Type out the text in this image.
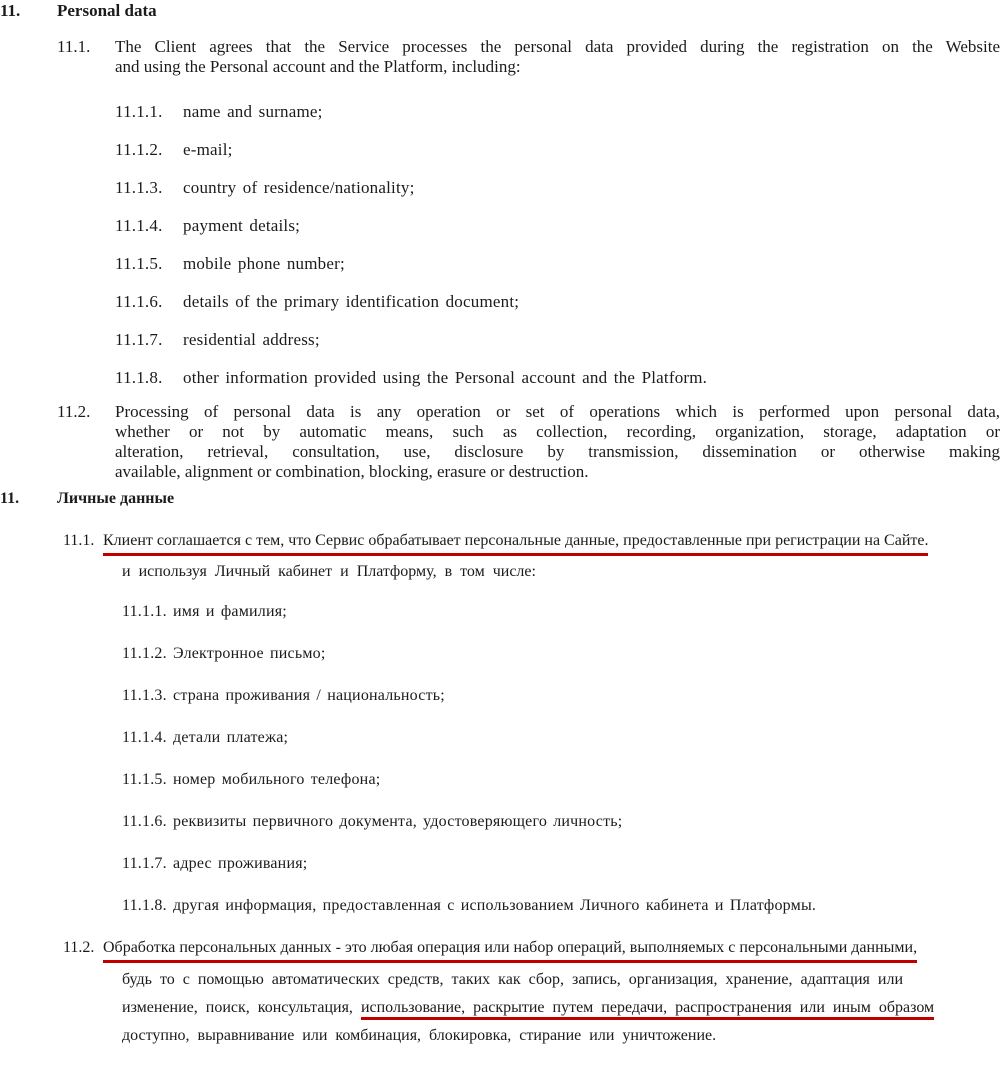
11.	Personal data
11.1.	The Client agrees that the Service processes the personal data provided during the registration on the Website
and using the Personal account and the Platform, including:
11.1.1.	name and surname;
11.1.2.	e-mail;
11.1.3.	country of residence/nationality;
11.1.4.	payment details;
11.1.5.	mobile phone number;
11.1.6.	details of the primary identification document;
11.1.7.	residential address;
11.1.8.	other information provided using the Personal account and the Platform.
11.2.	Processing of personal data is any operation or set of operations which is performed upon personal data,
whether or not by automatic means, such as collection, recording, organization, storage, adaptation or
alteration, retrieval, consultation, use, disclosure by transmission, dissemination or otherwise making
available, alignment or combination, blocking, erasure or destruction.
11.	Личные данные
11.1. Клиент соглашается с тем, что Сервис обрабатывает персональные данные, предоставленные при регистрации на Сайте.
и используя Личный кабинет и Платформу, в том числе:
11.1.1. имя и фамилия;
11.1.2. Электронное письмо;
11.1.3. страна проживания / национальность;
11.1.4. детали платежа;
11.1.5. номер мобильного телефона;
11.1.6. реквизиты первичного документа, удостоверяющего личность;
11.1.7. адрес проживания;
11.1.8. другая информация, предоставленная с использованием Личного кабинета и Платформы.
11.2. Обработка персональных данных - это любая операция или набор операций, выполняемых с персональными данными,
будь то с помощью автоматических средств, таких как сбор, запись, организация, хранение, адаптация или
изменение, поиск, консультация, использование, раскрытие путем передачи, распространения или иным образом
доступно, выравнивание или комбинация, блокировка, стирание или уничтожение.
